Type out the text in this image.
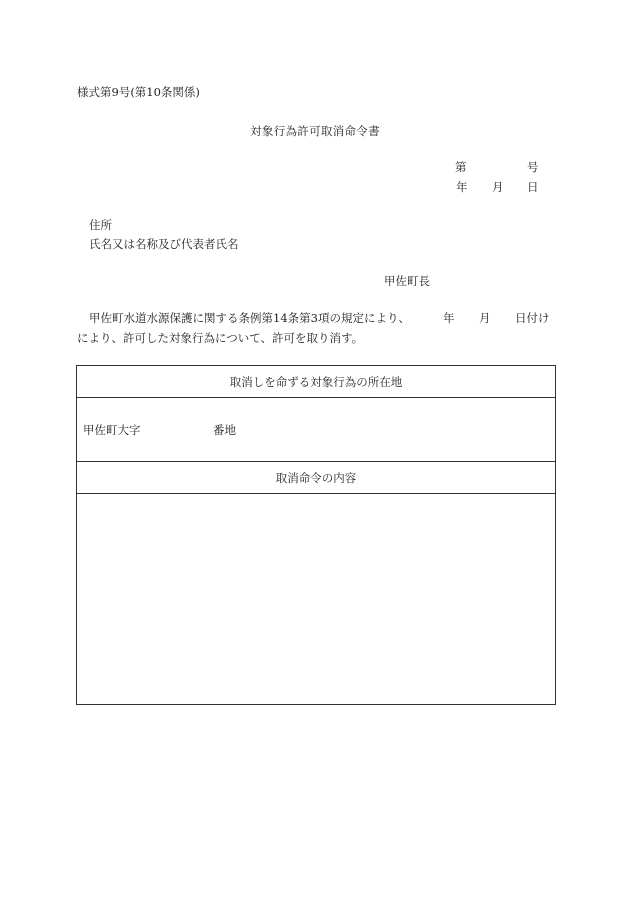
様式第9号(第10条関係)
対象行為許可取消命令書
第	号
年 月 日
住所
氏名又は名称及び代表者氏名
甲佐町長
甲佐町水道水源保護に関する条例第14条第3項の規定により、	年 月 日付け
により、許可した対象行為について、許可を取り消す。
取消しを命ずる対象行為の所在地
甲佐町大字	番地
取消命令の内容
